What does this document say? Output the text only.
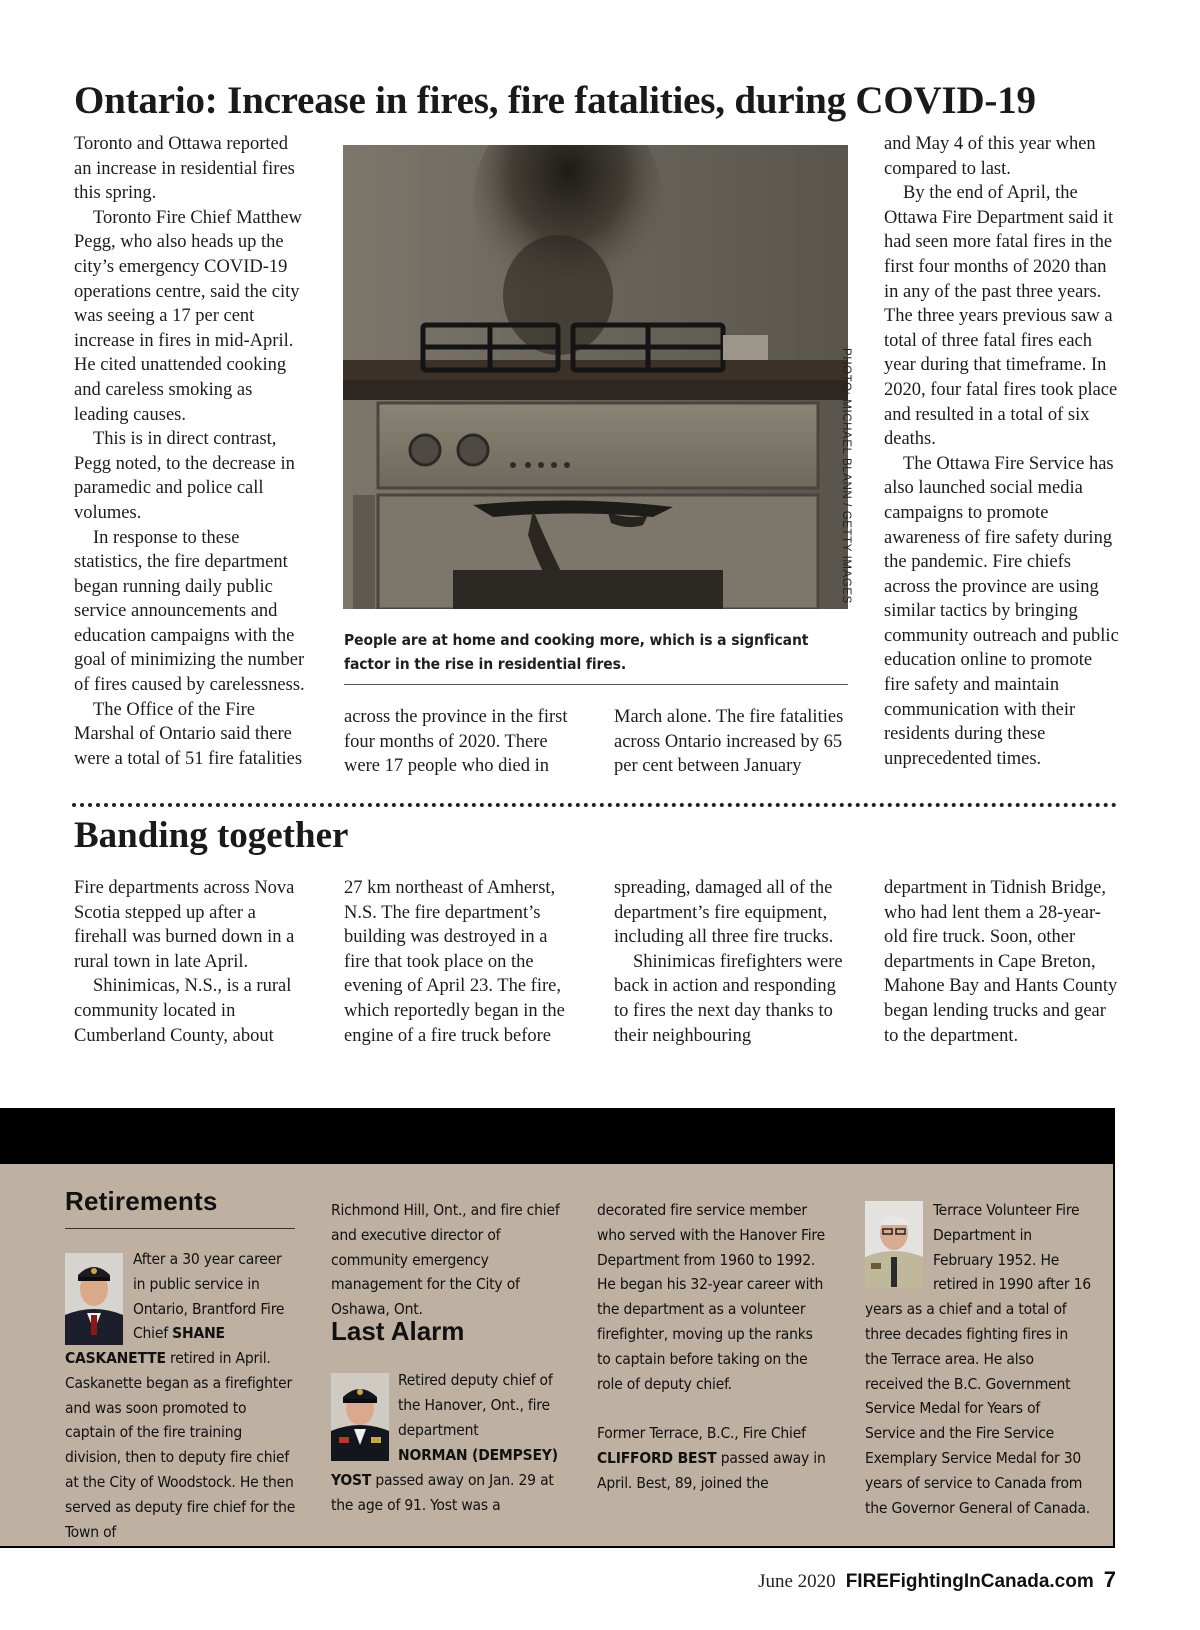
Ontario: Increase in fires, fire fatalities, during COVID-19

Toronto and Ottawa reported an increase in residential fires this spring.

Toronto Fire Chief Matthew Pegg, who also heads up the city’s emergency COVID-19 operations centre, said the city was seeing a 17 per cent increase in fires in mid-April. He cited unattended cooking and careless smoking as leading causes.

This is in direct contrast, Pegg noted, to the decrease in paramedic and police call volumes.

In response to these statistics, the fire department began running daily public service announcements and education campaigns with the goal of minimizing the number of fires caused by carelessness.

The Office of the Fire Marshal of Ontario said there were a total of 51 fire fatalities

PHOTO: MICHAEL BLANN / GETTY IMAGES
People are at home and cooking more, which is a signficant factor in the rise in residential fires.

across the province in the first four months of 2020. There were 17 people who died in

March alone. The fire fatalities across Ontario increased by 65 per cent between January

and May 4 of this year when compared to last.

By the end of April, the Ottawa Fire Department said it had seen more fatal fires in the first four months of 2020 than in any of the past three years. The three years previous saw a total of three fatal fires each year during that timeframe. In 2020, four fatal fires took place and resulted in a total of six deaths.

The Ottawa Fire Service has also launched social media campaigns to promote awareness of fire safety during the pandemic. Fire chiefs across the province are using similar tactics by bringing community outreach and public education online to promote fire safety and maintain communication with their residents during these unprecedented times.

Banding together

Fire departments across Nova Scotia stepped up after a firehall was burned down in a rural town in late April.

Shinimicas, N.S., is a rural community located in Cumberland County, about

27 km northeast of Amherst, N.S. The fire department’s building was destroyed in a fire that took place on the evening of April 23. The fire, which reportedly began in the engine of a fire truck before

spreading, damaged all of the department’s fire equipment, including all three fire trucks.

Shinimicas firefighters were back in action and responding to fires the next day thanks to their neighbouring

department in Tidnish Bridge, who had lent them a 28-year-old fire truck. Soon, other departments in Cape Breton, Mahone Bay and Hants County began lending trucks and gear to the department.

Retirements

After a 30 year career in public service in Ontario, Brantford Fire Chief SHANE

CASKANETTE retired in April. Caskanette began as a firefighter and was soon promoted to captain of the fire training division, then to deputy fire chief at the City of Woodstock. He then served as deputy fire chief for the Town of

Richmond Hill, Ont., and fire chief and executive director of community emergency management for the City of Oshawa, Ont.

Last Alarm

Retired deputy chief of the Hanover, Ont., fire department

NORMAN (DEMPSEY) YOST passed away on Jan. 29 at the age of 91. Yost was a

decorated fire service member who served with the Hanover Fire Department from 1960 to 1992. He began his 32-year career with the department as a volunteer firefighter, moving up the ranks to captain before taking on the role of deputy chief.

Former Terrace, B.C., Fire Chief CLIFFORD BEST passed away in April. Best, 89, joined the

Terrace Volunteer Fire Department in February 1952. He retired in 1990 after 16

June 2020 FIREFightingInCanada.com 7

years as a chief and a total of three decades fighting fires in the Terrace area. He also received the B.C. Government Service Medal for Years of Service and the Fire Service Exemplary Service Medal for 30 years of service to Canada from the Governor General of Canada.
